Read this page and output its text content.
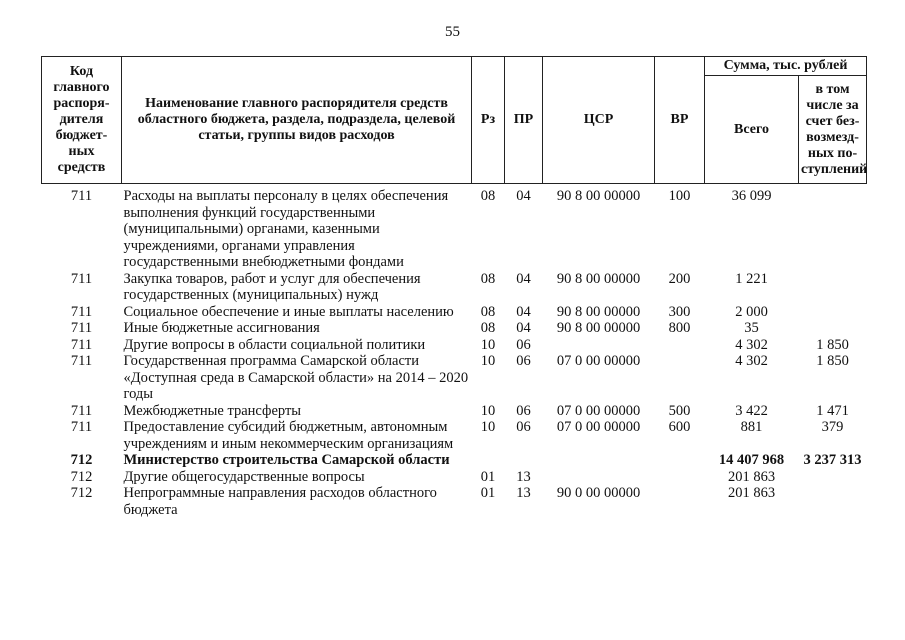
55
Код главного распоря-дителя бюджет-ных средств	Наименование главного распорядителя средств областного бюджета, раздела, подраздела, целевой статьи, группы видов расходов	Рз	ПР	ЦСР	ВР	Сумма, тыс. рублей	
						Всего	в том числе за счет без-возмезд-ных по-ступлений

711	Расходы на выплаты персоналу в целях обеспечения выполнения функций государственными (муниципальными) органами, казенными учреждениями, органами управления государственными внебюджетными фондами	08	04	90 8 00 00000	100	36 099	
711	Закупка товаров, работ и услуг для обеспечения государственных (муниципальных) нужд	08	04	90 8 00 00000	200	1 221	
711	Социальное обеспечение и иные выплаты населению	08	04	90 8 00 00000	300	2 000	
711	Иные бюджетные ассигнования	08	04	90 8 00 00000	800	35	
711	Другие вопросы в области социальной политики	10	06			4 302	1 850
711	Государственная программа Самарской области «Доступная среда в Самарской области» на 2014 – 2020 годы	10	06	07 0 00 00000		4 302	1 850
711	Межбюджетные трансферты	10	06	07 0 00 00000	500	3 422	1 471
711	Предоставление субсидий бюджетным, автономным учреждениям и иным некоммерческим организациям	10	06	07 0 00 00000	600	881	379
712	Министерство строительства Самарской области					14 407 968	3 237 313
712	Другие общегосударственные вопросы	01	13			201 863	
712	Непрограммные направления расходов областного бюджета	01	13	90 0 00 00000		201 863	
